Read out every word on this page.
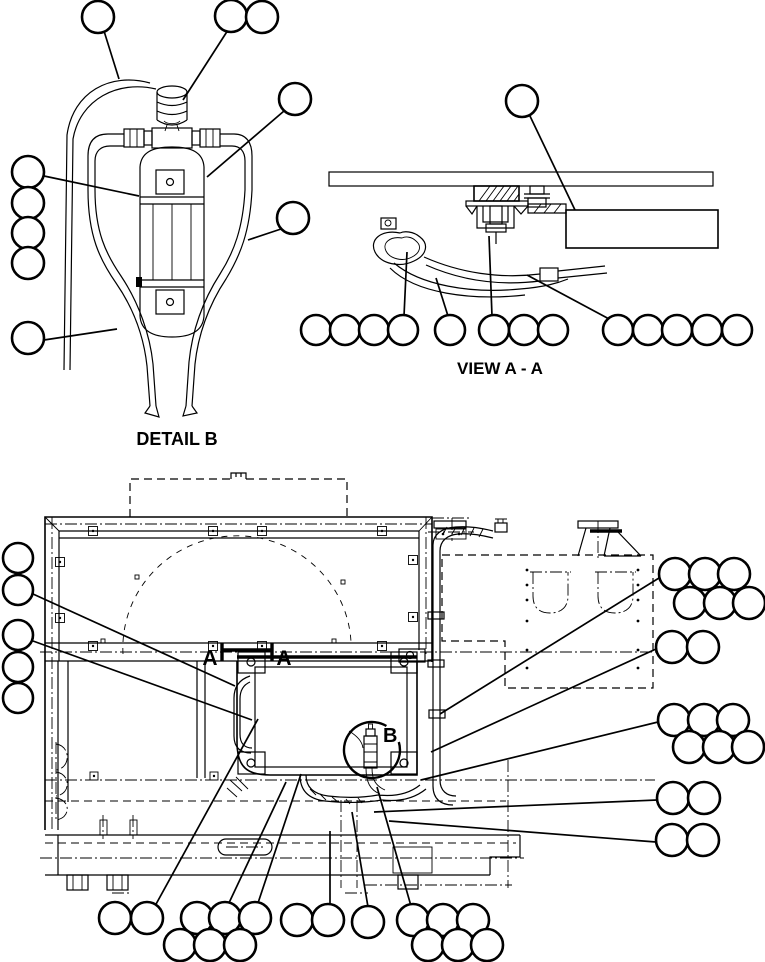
DETAIL B
VIEW A - A
A	A
B
